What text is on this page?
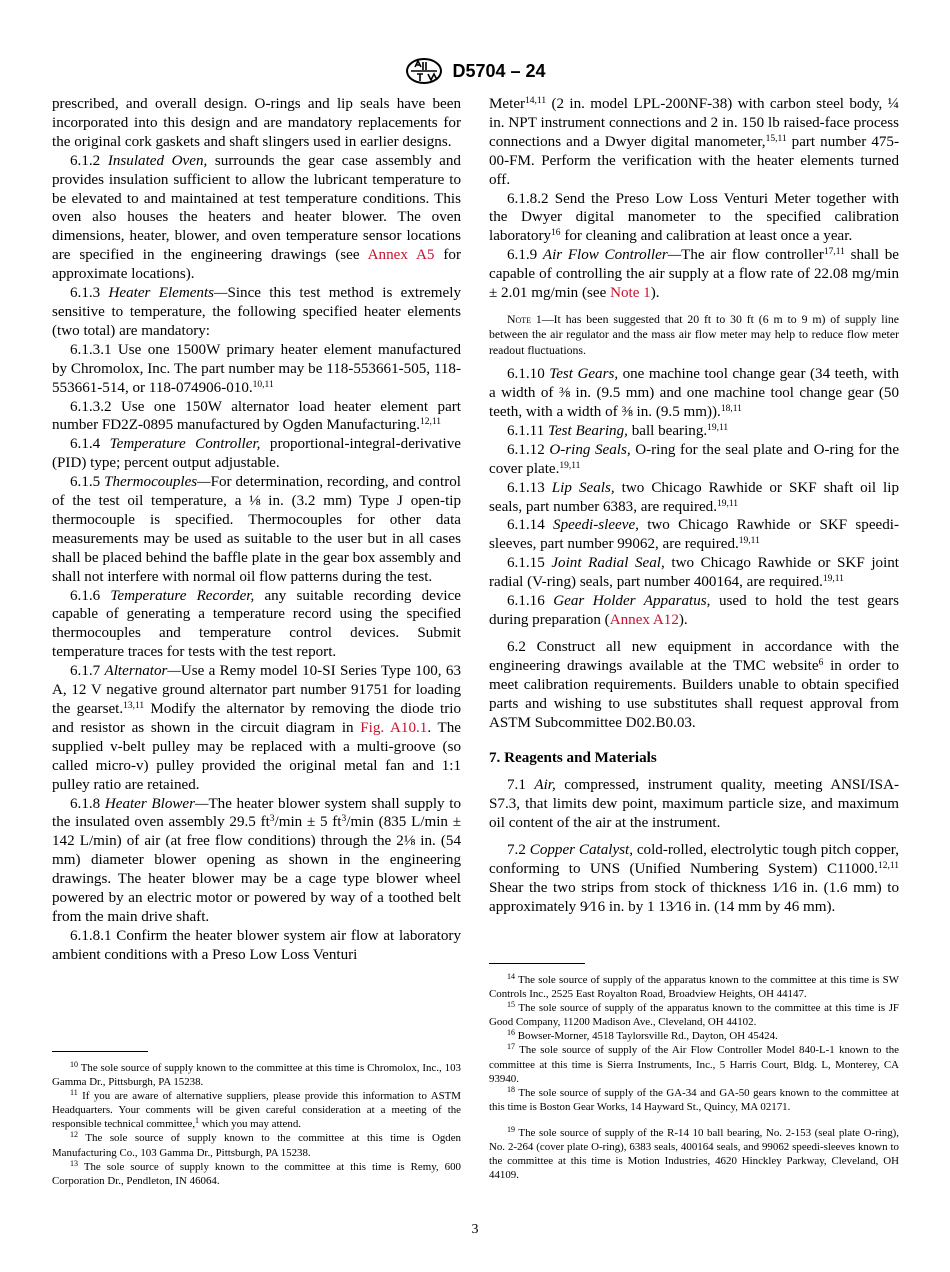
D5704 – 24

prescribed, and overall design. O-rings and lip seals have been incorporated into this design and are mandatory replacements for the original cork gaskets and shaft slingers used in earlier designs.

6.1.2 Insulated Oven, surrounds the gear case assembly and provides insulation sufficient to allow the lubricant temperature to be elevated to and maintained at test temperature conditions. This oven also houses the heaters and heater blower. The oven dimensions, heater, blower, and oven temperature sensor locations are specified in the engineering drawings (see Annex A5 for approximate locations).

6.1.3 Heater Elements—Since this test method is extremely sensitive to temperature, the following specified heater elements (two total) are mandatory:

6.1.3.1 Use one 1500W primary heater element manufactured by Chromolox, Inc. The part number may be 118-553661-505, 118-553661-514, or 118-074906-010.$^{10,11}$

6.1.3.2 Use one 150W alternator load heater element part number FD2Z-0895 manufactured by Ogden Manufacturing.$^{12,11}$

6.1.4 Temperature Controller, proportional-integral-derivative (PID) type; percent output adjustable.

6.1.5 Thermocouples—For determination, recording, and control of the test oil temperature, a ⅛ in. (3.2 mm) Type J open-tip thermocouple is specified. Thermocouples for other data measurements may be used as suitable to the user but in all cases shall be placed behind the baffle plate in the gear box assembly and shall not interfere with normal oil flow patterns during the test.

6.1.6 Temperature Recorder, any suitable recording device capable of generating a temperature record using the specified thermocouples and temperature control devices. Submit temperature traces for tests with the test report.

6.1.7 Alternator—Use a Remy model 10-SI Series Type 100, 63 A, 12 V negative ground alternator part number 91751 for loading the gearset.$^{13,11}$ Modify the alternator by removing the diode trio and resistor as shown in the circuit diagram in Fig. A10.1. The supplied v-belt pulley may be replaced with a multi-groove (so called micro-v) pulley provided the original metal fan and 1:1 pulley ratio are retained.

6.1.8 Heater Blower—The heater blower system shall supply to the insulated oven assembly 29.5 $ft^3/\min \pm 5$ $ft^3/\min$ (835 L/min ± 142 L/min) of air (at free flow conditions) through the 2⅛ in. (54 mm) diameter blower opening as shown in the engineering drawings. The heater blower may be a cage type blower wheel powered by an electric motor or powered by way of a toothed belt from the main drive shaft.

6.1.8.1 Confirm the heater blower system air flow at laboratory ambient conditions with a Preso Low Loss Venturi

Meter$^{14,11}$ (2 in. model LPL-200NF-38) with carbon steel body, ¼ in. NPT instrument connections and 2 in. 150 lb raised-face process connections and a Dwyer digital manometer,$^{15,11}$ part number 475-00-FM. Perform the verification with the heater elements turned off.

6.1.8.2 Send the Preso Low Loss Venturi Meter together with the Dwyer digital manometer to the specified calibration laboratory$^{16}$ for cleaning and calibration at least once a year.

6.1.9 Air Flow Controller—The air flow controller$^{17,11}$ shall be capable of controlling the air supply at a flow rate of 22.08 mg/min ± 2.01 mg/min (see Note 1).

Note 1—It has been suggested that 20 ft to 30 ft (6 m to 9 m) of supply line between the air regulator and the mass air flow meter may help to reduce flow meter readout fluctuations.

6.1.10 Test Gears, one machine tool change gear (34 teeth, with a width of ⅜ in. (9.5 mm) and one machine tool change gear (50 teeth, with a width of ⅜ in. (9.5 mm)).$^{18,11}$

6.1.11 Test Bearing, ball bearing.$^{19,11}$

6.1.12 O-ring Seals, O-ring for the seal plate and O-ring for the cover plate.$^{19,11}$

6.1.13 Lip Seals, two Chicago Rawhide or SKF shaft oil lip seals, part number 6383, are required.$^{19,11}$

6.1.14 Speedi-sleeve, two Chicago Rawhide or SKF speedi-sleeves, part number 99062, are required.$^{19,11}$

6.1.15 Joint Radial Seal, two Chicago Rawhide or SKF joint radial (V-ring) seals, part number 400164, are required.$^{19,11}$

6.1.16 Gear Holder Apparatus, used to hold the test gears during preparation (Annex A12).

6.2 Construct all new equipment in accordance with the engineering drawings available at the TMC website$^6$ in order to meet calibration requirements. Builders unable to obtain specified parts and wishing to use substitutes shall request approval from ASTM Subcommittee D02.B0.03.

7. Reagents and Materials

7.1 Air, compressed, instrument quality, meeting ANSI/ISA-S7.3, that limits dew point, maximum particle size, and maximum oil content of the air at the instrument.

7.2 Copper Catalyst, cold-rolled, electrolytic tough pitch copper, conforming to UNS (Unified Numbering System) C11000.$^{12,11}$ Shear the two strips from stock of thickness 1⁄16 in. (1.6 mm) to approximately 9⁄16 in. by 1 13⁄16 in. (14 mm by 46 mm).

$^{10}$ The sole source of supply known to the committee at this time is Chromolox, Inc., 103 Gamma Dr., Pittsburgh, PA 15238.

$^{11}$ If you are aware of alternative suppliers, please provide this information to ASTM Headquarters. Your comments will be given careful consideration at a meeting of the responsible technical committee,$^1$ which you may attend.

$^{12}$ The sole source of supply known to the committee at this time is Ogden Manufacturing Co., 103 Gamma Dr., Pittsburgh, PA 15238.

$^{13}$ The sole source of supply known to the committee at this time is Remy, 600 Corporation Dr., Pendleton, IN 46064.

$^{14}$ The sole source of supply of the apparatus known to the committee at this time is SW Controls Inc., 2525 East Royalton Road, Broadview Heights, OH 44147.

$^{15}$ The sole source of supply of the apparatus known to the committee at this time is JF Good Company, 11200 Madison Ave., Cleveland, OH 44102.

$^{16}$ Bowser-Morner, 4518 Taylorsville Rd., Dayton, OH 45424.

$^{17}$ The sole source of supply of the Air Flow Controller Model 840-L-1 known to the committee at this time is Sierra Instruments, Inc., 5 Harris Court, Bldg. L, Monterey, CA 93940.

$^{18}$ The sole source of supply of the GA-34 and GA-50 gears known to the committee at this time is Boston Gear Works, 14 Hayward St., Quincy, MA 02171.

$^{19}$ The sole source of supply of the R-14 10 ball bearing, No. 2-153 (seal plate O-ring), No. 2-264 (cover plate O-ring), 6383 seals, 400164 seals, and 99062 speedi-sleeves known to the committee at this time is Motion Industries, 4620 Hinckley Parkway, Cleveland, OH 44109.

3
